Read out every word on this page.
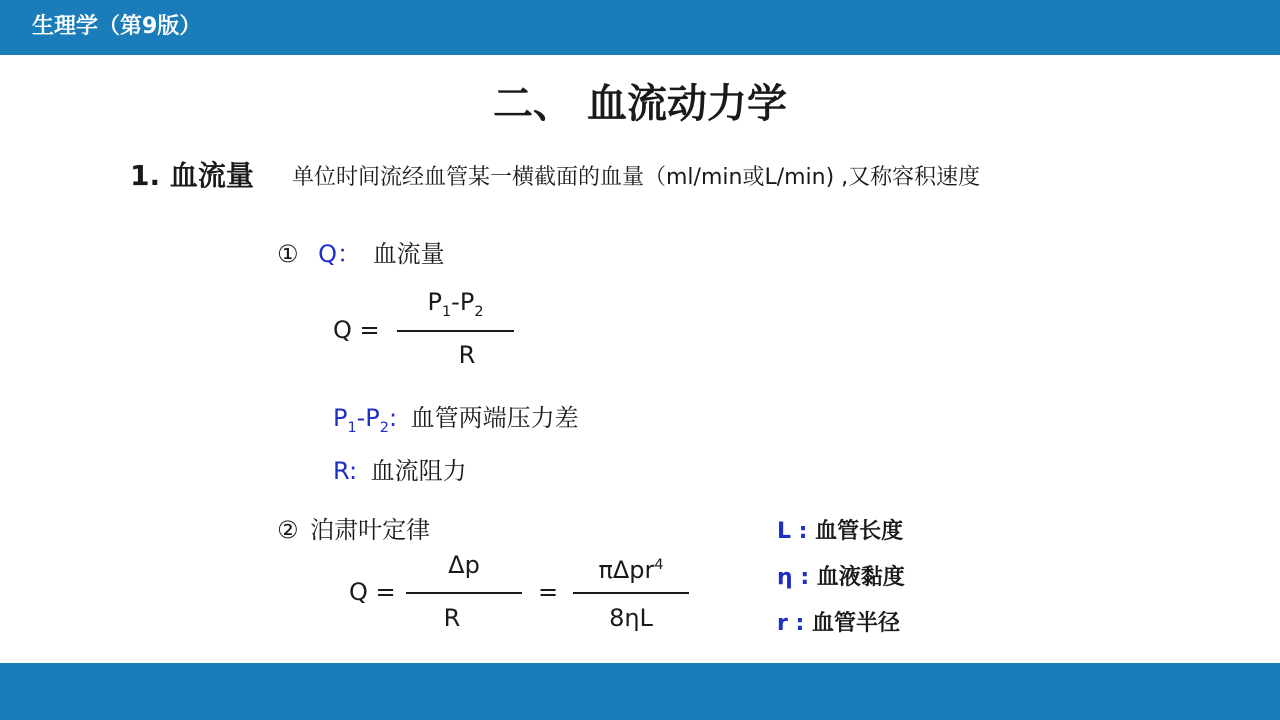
生理学（第9版）
二、 血流动力学
1. 血流量 单位时间流经血管某一横截面的血量（ml/min或L/min) ,又称容积速度
① Q： 血流量
Q =
$P_1-P_2$
R
$P_1-P_2$: 血管两端压力差
R: 血流阻力
② 泊肃叶定律
Q =
Δp
R
=
πΔpr$^4$
8ηL
L : 血管长度
η : 血液黏度
r : 血管半径
